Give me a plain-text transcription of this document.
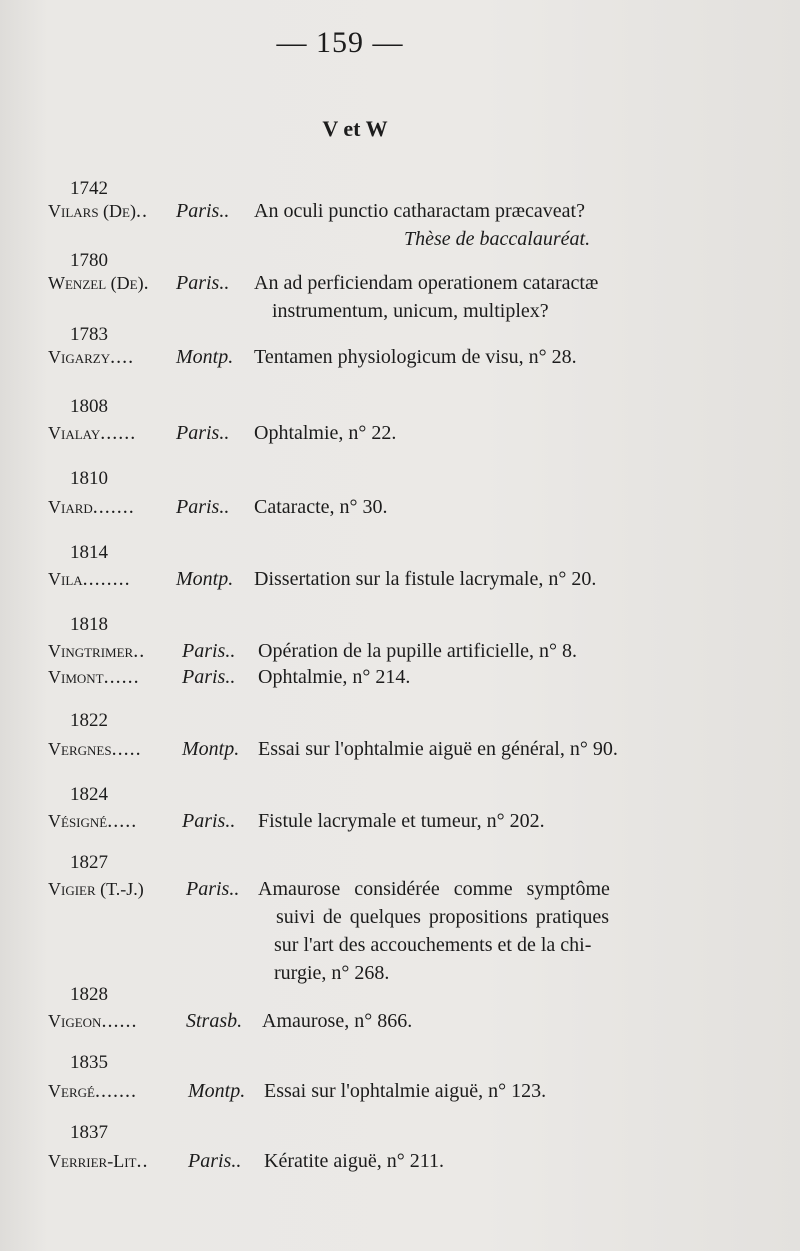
— 159 —
V et W
1742
Vilars (De).. Paris.. An oculi punctio catharactam præcaveat?
Thèse de baccalauréat.
1780
Wenzel (De). Paris.. An ad perficiendam operationem cataractæ
instrumentum, unicum, multiplex?
1783
Vigarzy.... Montp. Tentamen physiologicum de visu, n° 28.
1808
Vialay...... Paris.. Ophtalmie, n° 22.
1810
Viard....... Paris.. Cataracte, n° 30.
1814
Vila........ Montp. Dissertation sur la fistule lacrymale, n° 20.
1818
Vingtrimer.. Paris.. Opération de la pupille artificielle, n° 8.
Vimont...... Paris.. Ophtalmie, n° 214.
1822
Vergnes..... Montp. Essai sur l'ophtalmie aiguë en général, n° 90.
1824
Vésigné..... Paris.. Fistule lacrymale et tumeur, n° 202.
1827
Vigier (T.-J.) Paris.. Amaurose considérée comme symptôme
suivi de quelques propositions pratiques
sur l'art des accouchements et de la chi-
rurgie, n° 268.
1828
Vigeon...... Strasb. Amaurose, n° 866.
1835
Vergé.......	Montp. Essai sur l'ophtalmie aiguë, n° 123.
1837
Verrier-Lit.. Paris.. Kératite aiguë, n° 211.
